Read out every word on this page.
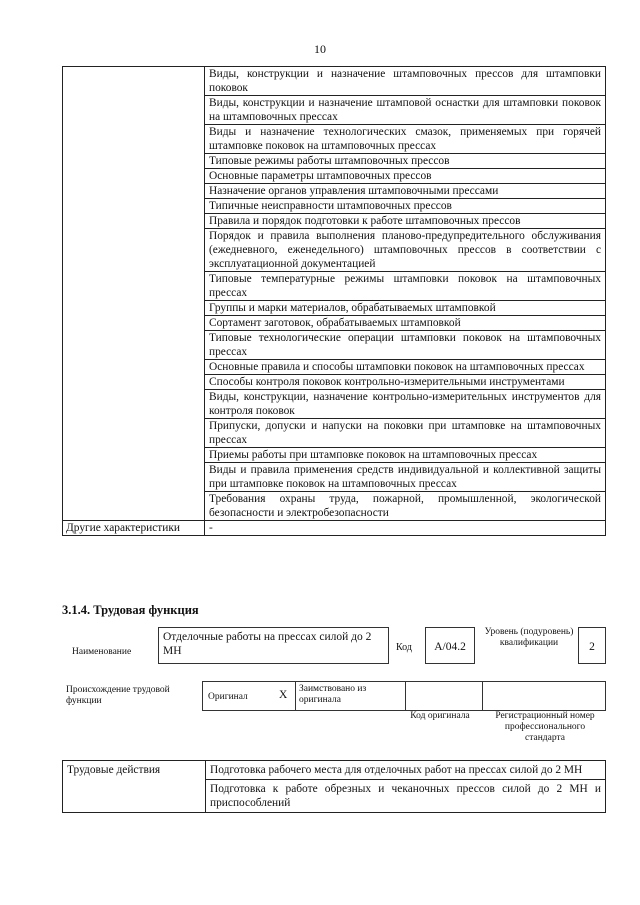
10
	Виды, конструкции и назначение штамповочных прессов для штамповки поковок
	Виды, конструкции и назначение штамповой оснастки для штамповки поковок на штамповочных прессах
	Виды и назначение технологических смазок, применяемых при горячей штамповке поковок на штамповочных прессах
	Типовые режимы работы штамповочных прессов
	Основные параметры штамповочных прессов
	Назначение органов управления штамповочными прессами
	Типичные неисправности штамповочных прессов
	Правила и порядок подготовки к работе штамповочных прессов
	Порядок и правила выполнения планово-предупредительного обслуживания (ежедневного, еженедельного) штамповочных прессов в соответствии с эксплуатационной документацией
	Типовые температурные режимы штамповки поковок на штамповочных прессах
	Группы и марки материалов, обрабатываемых штамповкой
	Сортамент заготовок, обрабатываемых штамповкой
	Типовые технологические операции штамповки поковок на штамповочных прессах
	Основные правила и способы штамповки поковок на штамповочных прессах
	Способы контроля поковок контрольно-измерительными инструментами
	Виды, конструкции, назначение контрольно-измерительных инструментов для контроля поковок
	Припуски, допуски и напуски на поковки при штамповке на штамповочных прессах
	Приемы работы при штамповке поковок на штамповочных прессах
	Виды и правила применения средств индивидуальной и коллективной защиты при штамповке поковок на штамповочных прессах
	Требования охраны труда, пожарной, промышленной, экологической безопасности и электробезопасности
Другие характеристики	-
3.1.4. Трудовая функция
Наименование
Отделочные работы на прессах силой до 2 МН	Код	А/04.2
Уровень (подуровень) квалификации	2
Происхождение трудовой функции	Оригинал	X Заимствовано из оригинала
Код оригинала	Регистрационный номер профессионального стандарта
Трудовые действия	Подготовка рабочего места для отделочных работ на прессах силой до 2 МН
Подготовка к работе обрезных и чеканочных прессов силой до 2 МН и приспособлений
